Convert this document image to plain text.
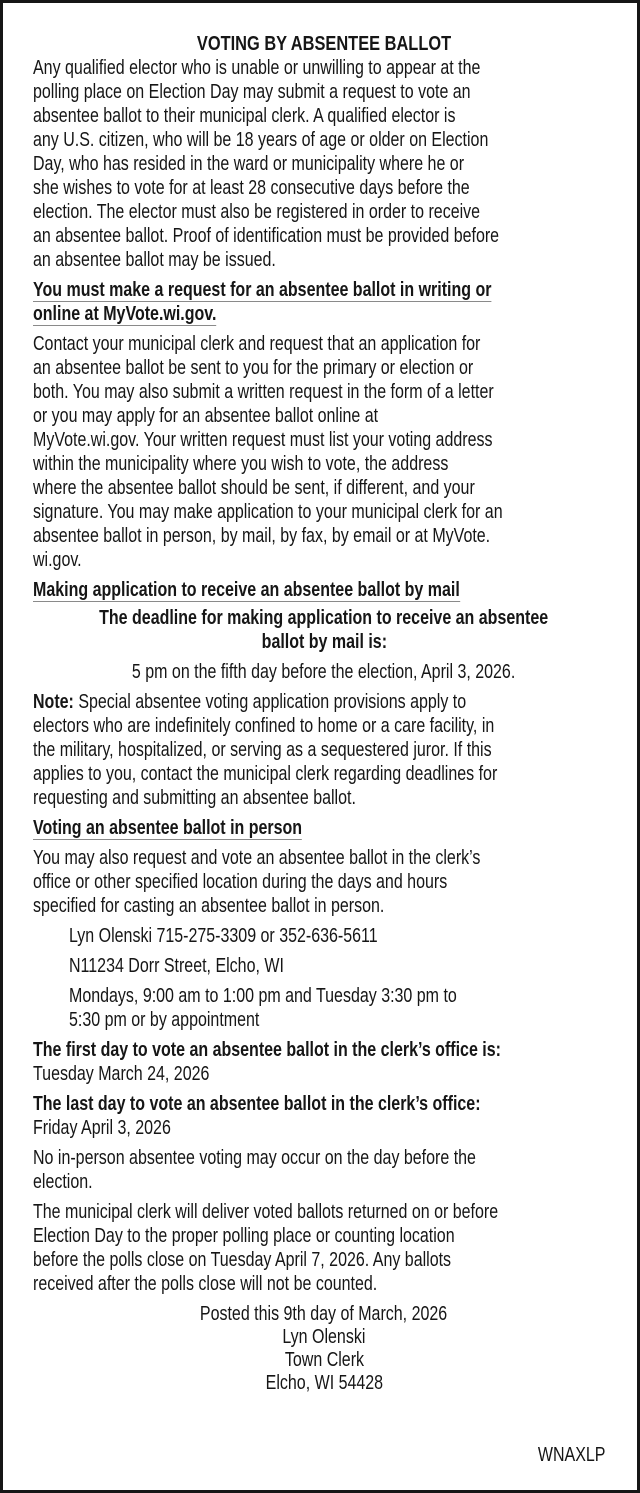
VOTING BY ABSENTEE BALLOT
Any qualified elector who is unable or unwilling to appear at the
polling place on Election Day may submit a request to vote an
absentee ballot to their municipal clerk. A qualified elector is
any U.S. citizen, who will be 18 years of age or older on Election
Day, who has resided in the ward or municipality where he or
she wishes to vote for at least 28 consecutive days before the
election. The elector must also be registered in order to receive
an absentee ballot. Proof of identification must be provided before
an absentee ballot may be issued.
You must make a request for an absentee ballot in writing or
online at MyVote.wi.gov.
Contact your municipal clerk and request that an application for
an absentee ballot be sent to you for the primary or election or
both. You may also submit a written request in the form of a letter
or you may apply for an absentee ballot online at
MyVote.wi.gov. Your written request must list your voting address
within the municipality where you wish to vote, the address
where the absentee ballot should be sent, if different, and your
signature. You may make application to your municipal clerk for an
absentee ballot in person, by mail, by fax, by email or at MyVote.
wi.gov.
Making application to receive an absentee ballot by mail
The deadline for making application to receive an absentee
ballot by mail is:
5 pm on the fifth day before the election, April 3, 2026.
Note: Special absentee voting application provisions apply to
electors who are indefinitely confined to home or a care facility, in
the military, hospitalized, or serving as a sequestered juror. If this
applies to you, contact the municipal clerk regarding deadlines for
requesting and submitting an absentee ballot.
Voting an absentee ballot in person
You may also request and vote an absentee ballot in the clerk’s
office or other specified location during the days and hours
specified for casting an absentee ballot in person.
Lyn Olenski 715-275-3309 or 352-636-5611
N11234 Dorr Street, Elcho, WI
Mondays, 9:00 am to 1:00 pm and Tuesday 3:30 pm to
5:30 pm or by appointment
The first day to vote an absentee ballot in the clerk’s office is:
Tuesday March 24, 2026
The last day to vote an absentee ballot in the clerk’s office:
Friday April 3, 2026
No in-person absentee voting may occur on the day before the
election.
The municipal clerk will deliver voted ballots returned on or before
Election Day to the proper polling place or counting location
before the polls close on Tuesday April 7, 2026. Any ballots
received after the polls close will not be counted.
Posted this 9th day of March, 2026
Lyn Olenski
Town Clerk
Elcho, WI 54428
WNAXLP
